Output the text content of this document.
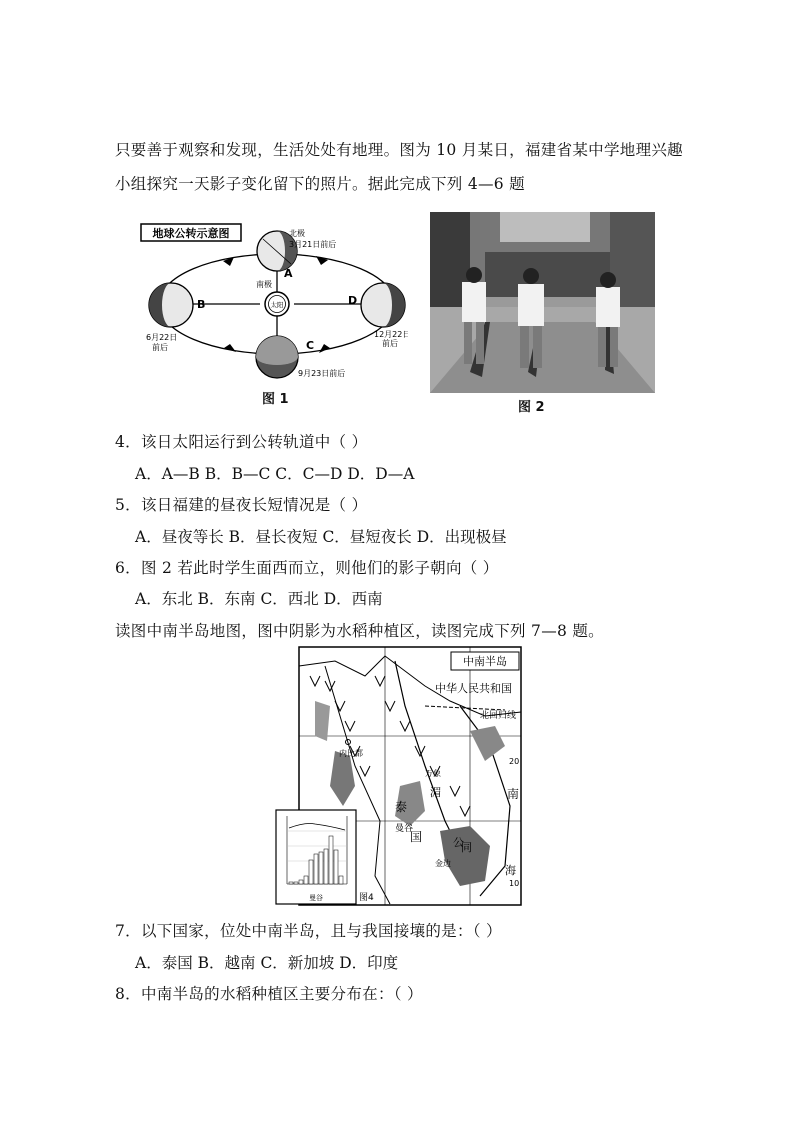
只要善于观察和发现，生活处处有地理。图为 10 月某日，福建省某中学地理兴趣
小组探究一天影子变化留下的照片。据此完成下列 4—6 题
地球公转示意图
太阳
北极
3月21日前后
A
南极
B
6月22日
前后	C
9月23日前后
D
12月22日
前后
图 1
图 2
4．该日太阳运行到公转轨道中（ ）
A．A—B B．B—C C．C—D D．D—A
5．该日福建的昼夜长短情况是（ ）
A．昼夜等长 B．昼长夜短 C．昼短夜长 D．出现极昼
6．图 2 若此时学生面西而立，则他们的影子朝向（ ）
A．东北 B．东南 C．西北 D．西南
读图中南半岛地图，图中阴影为水稻种植区，读图完成下列 7—8 题。
中南半岛
中华人民共和国
北回归线
内比都
万象
湄
泰
国
曼谷
公
金边
同
南
海
20
10
图4
曼谷
7．以下国家，位处中南半岛，且与我国接壤的是：（ ）
A．泰国 B．越南 C．新加坡 D．印度
8．中南半岛的水稻种植区主要分布在：（ ）
